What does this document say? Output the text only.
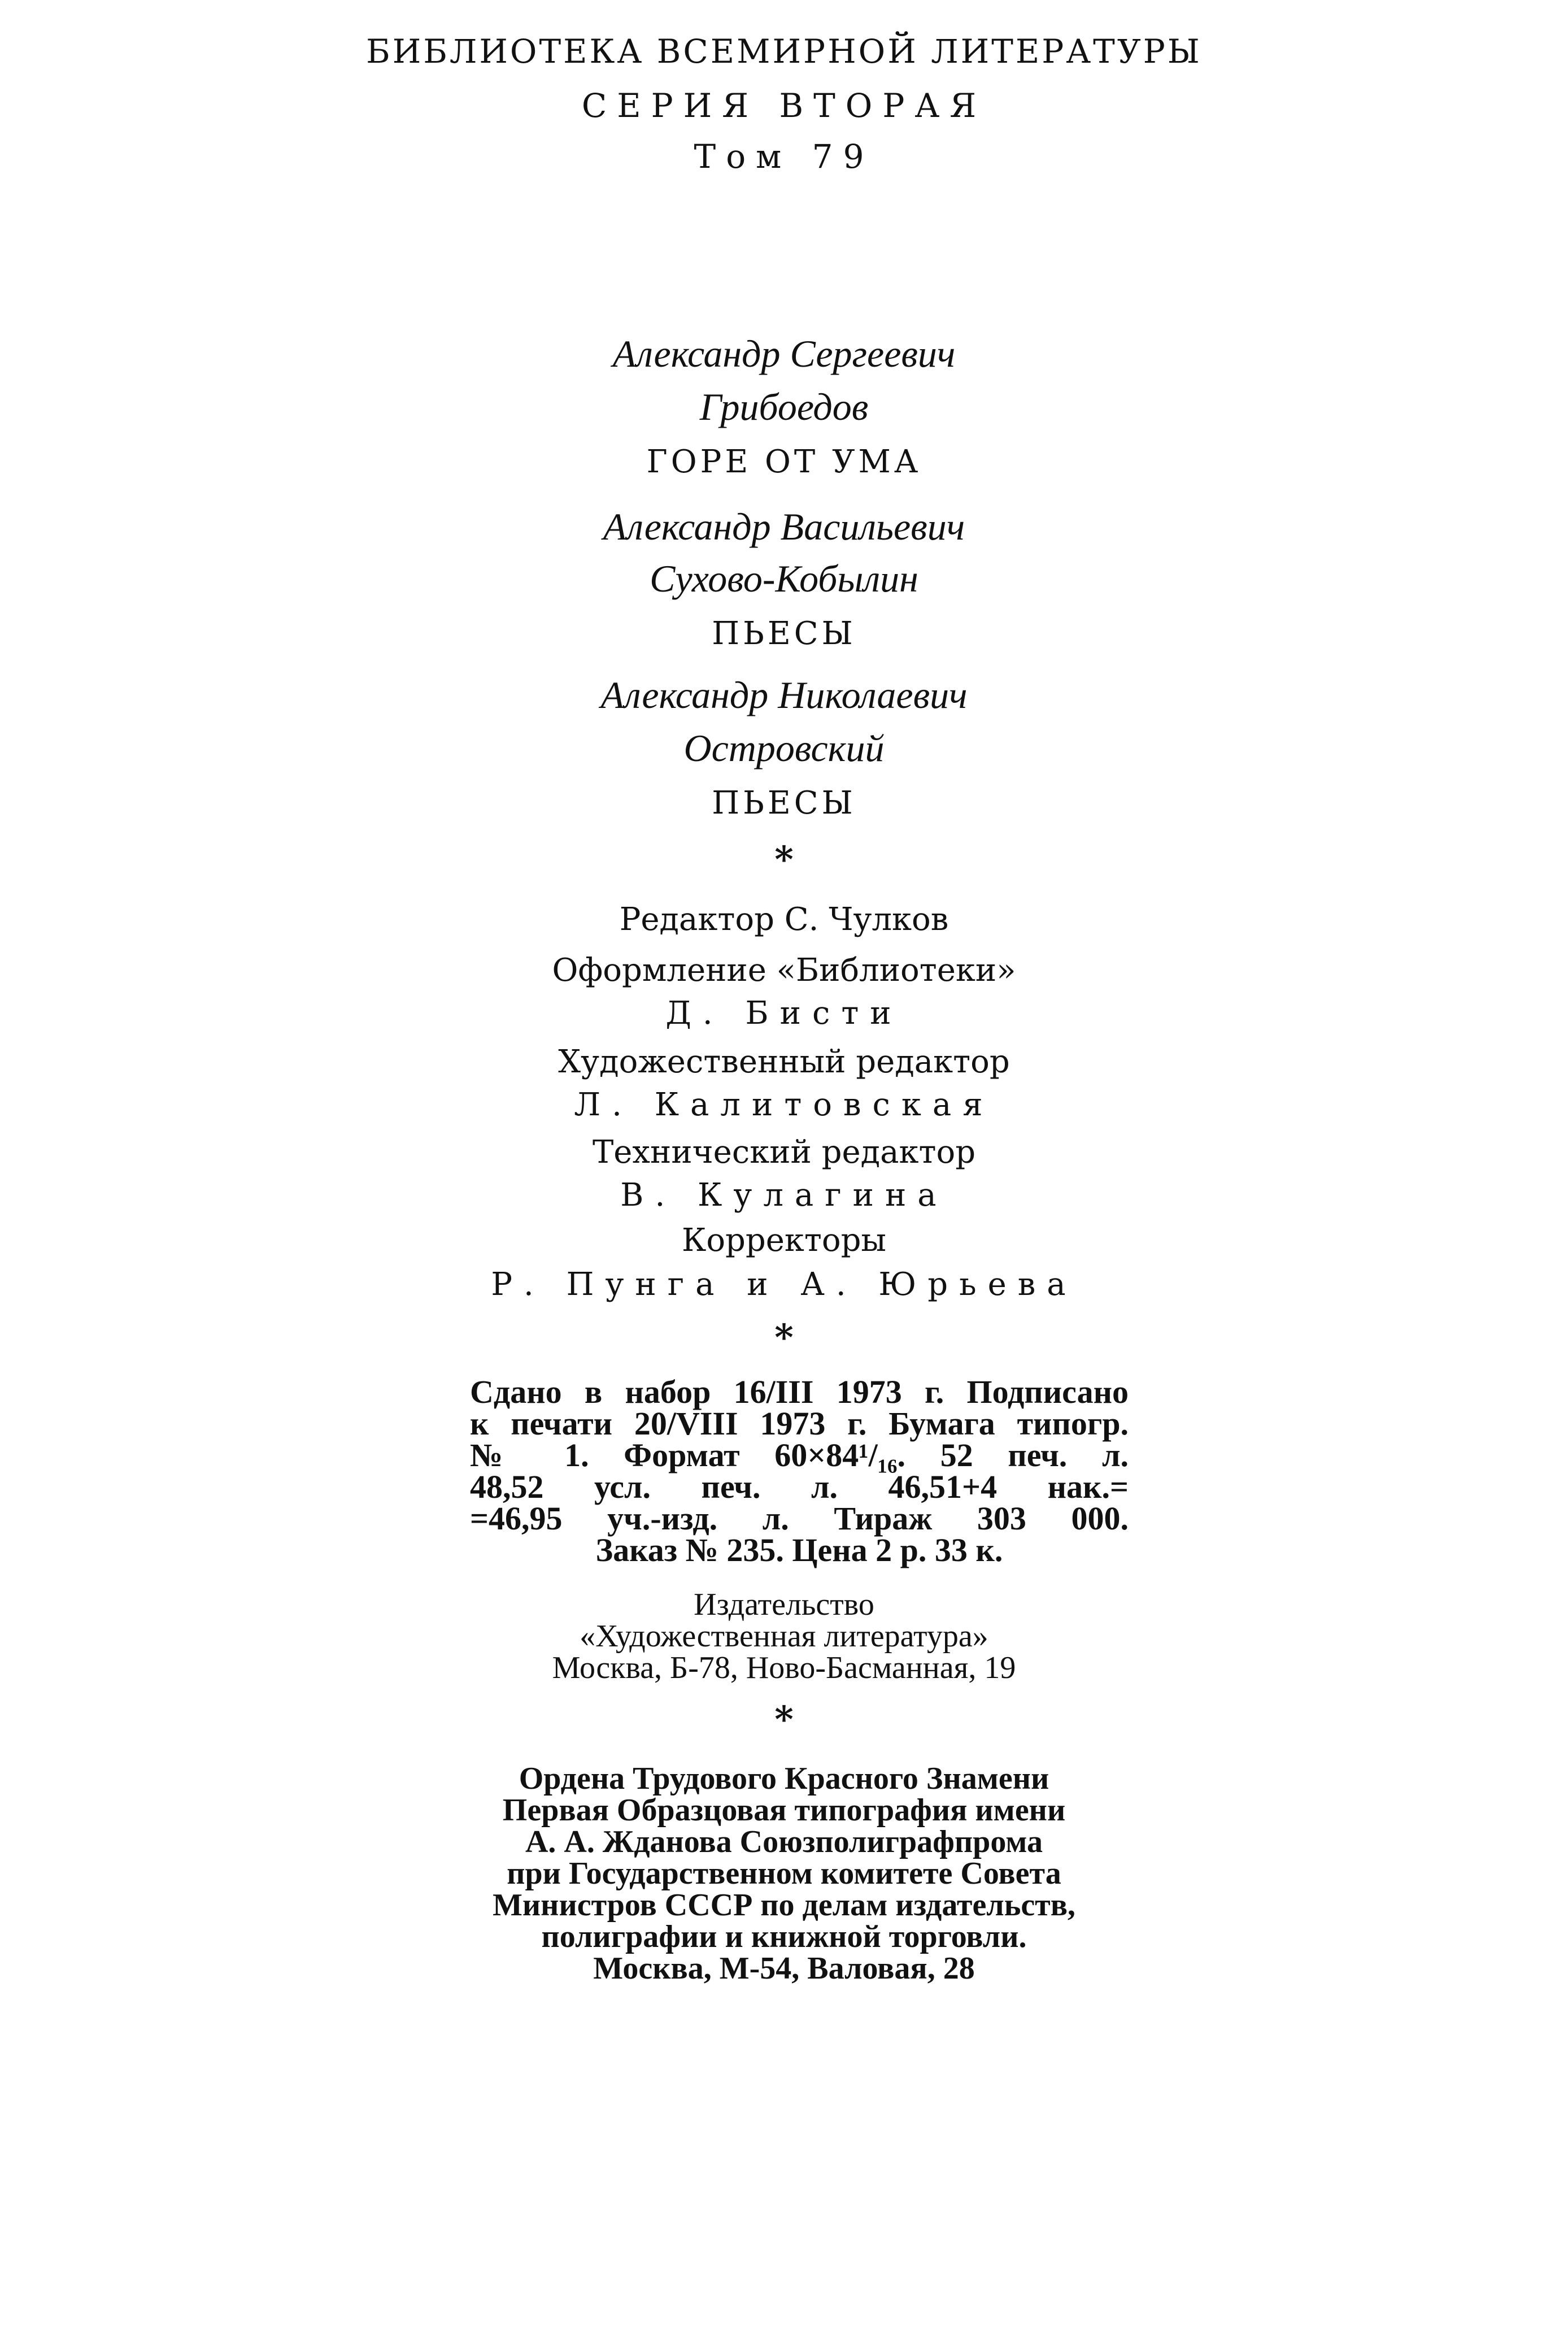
БИБЛИОТЕКА ВСЕМИРНОЙ ЛИТЕРАТУРЫ
СЕРИЯ ВТОРАЯ
Том 79
Александр Сергеевич
Грибоедов
ГОРЕ ОТ УМА
Александр Васильевич
Сухово-Кобылин
ПЬЕСЫ
Александр Николаевич
Островский
ПЬЕСЫ
*
Редактор С. Чулков
Оформление «Библиотеки»
Д. Бисти
Художественный редактор
Л. Калитовская
Технический редактор
В. Кулагина
Корректоры
Р. Пунга и А. Юрьева
*
Сдано в набор 16/III 1973 г. Подписано
к печати 20/VIII 1973 г. Бумага типогр.
№ 1. Формат 60×84¹/₁₆. 52 печ. л.
48,52 усл. печ. л. 46,51+4 нак.=
=46,95 уч.-изд. л. Тираж 303 000.
Заказ № 235. Цена 2 р. 33 к.
Издательство
«Художественная литература»
Москва, Б-78, Ново-Басманная, 19
*
Ордена Трудового Красного Знамени
Первая Образцовая типография имени
А. А. Жданова Союзполиграфпрома
при Государственном комитете Совета
Министров СССР по делам издательств,
полиграфии и книжной торговли.
Москва, М-54, Валовая, 28
